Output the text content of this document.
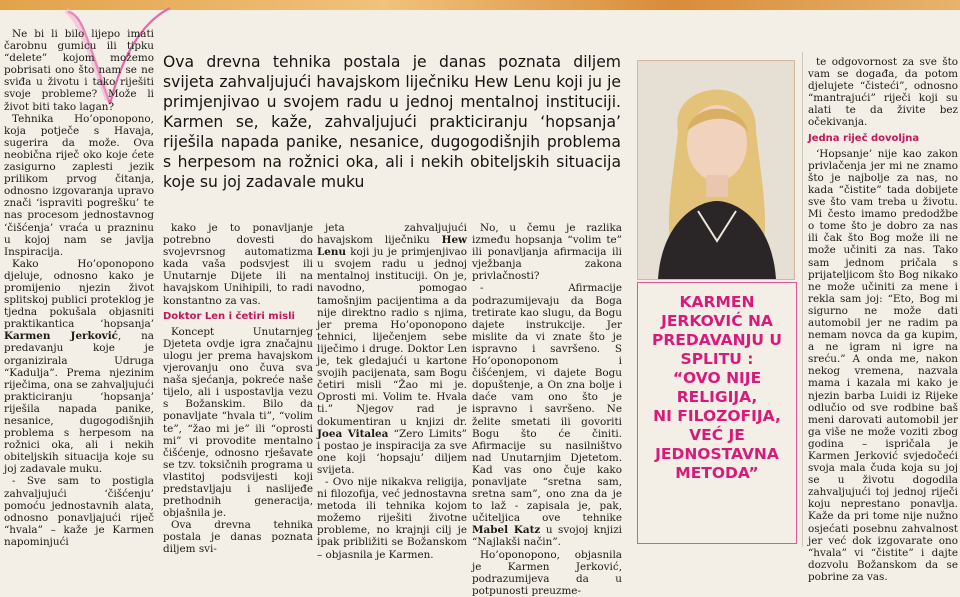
Ova drevna tehnika postala je danas poznata diljem svijeta zahvaljujući havajskom liječniku Hew Lenu koji ju je primjenjivao u svojem radu u jednoj mentalnoj instituciji. Karmen se, kaže, zahvaljujući prakticiranju ‘hopsanja’ riješila napada panike, nesanice, dugogodišnjih problema s herpesom na rožnici oka, ali i nekih obiteljskih situacija koje su joj zadavale muku

Ne bi li bilo lijepo imati čarobnu gumicu ili tipku “delete” kojom možemo pobrisati ono što nam se ne sviđa u životu i tako riješiti svoje probleme? Može li život biti tako lagan?

Tehnika Ho’oponopono, koja potječe s Havaja, sugerira da može. Ova neobična riječ oko koje ćete zasigurno zaplesti jezik prilikom prvog čitanja, odnosno izgovaranja upravo znači ‘ispraviti pogrešku’ te nas procesom jednostavnog ‘čišćenja’ vraća u prazninu u kojoj nam se javlja Inspiracija.

Kako Ho’oponopono djeluje, odnosno kako je promijenio njezin život splitskoj publici proteklog je tjedna pokušala objasniti praktikantica ‘hopsanja’ Karmen Jerković, na predavanju koje je organizirala Udruga “Kadulja”. Prema njezinim riječima, ona se zahvaljujući prakticiranju ‘hopsanja’ riješila napada panike, nesanice, dugogodišnjih problema s herpesom na rožnici oka, ali i nekih obiteljskih situacija koje su joj zadavale muku.

- Sve sam to postigla zahvaljujući ‘čišćenju’ pomoću jednostavnih alata, odnosno ponavljajući riječ “hvala” – kaže je Karmen napominjući

kako je to ponavljanje potrebno dovesti do svojevrsnog automatizma kada vaša podsvjest ili Unutarnje Dijete ili na havajskom Unihipili, to radi konstantno za vas.

Doktor Len i četiri misli

Koncept Unutarnjeg Djeteta ovdje igra značajnu ulogu jer prema havajskom vjerovanju ono čuva sva naša sjećanja, pokreće naše tijelo, ali i uspostavlja vezu s Božanskim. Bilo da ponavljate “hvala ti”, “volim te”, “žao mi je” ili “oprosti mi” vi provodite mentalno čišćenje, odnosno rješavate se tzv. toksičnih programa u vlastitoj podsvijesti koji predstavljaju i naslijeđe prethodnih generacija, objašnila je.

Ova drevna tehnika postala je danas poznata diljem svi-

jeta zahvaljujući havajskom liječniku Hew Lenu koji ju je primjenjivao u svojem radu u jednoj mentalnoj instituciji. On je, navodno, pomogao tamošnjim pacijentima a da nije direktno radio s njima, jer prema Ho’oponopono tehnici, liječenjem sebe liječimo i druge. Doktor Len je, tek gledajući u kartone svojih pacijenata, sam Bogu četiri misli “Žao mi je. Oprosti mi. Volim te. Hvala ti.” Njegov rad je dokumentiran u knjizi dr. Joea Vitalea “Zero Limits” i postao je inspiracija za sve one koji ‘hopsaju’ diljem svijeta.

- Ovo nije nikakva religija, ni filozofija, već jednostavna metoda ili tehnika kojom možemo riješiti životne probleme, no krajnji cilj je ipak približiti se Božanskom – objasnila je Karmen.

No, u čemu je razlika između hopsanja “volim te” ili ponavljanja afirmacija ili vježbanja zakona privlačnosti?

- Afirmacije podrazumijevaju da Boga tretirate kao slugu, da Bogu dajete instrukcije. Jer mislite da vi znate što je ispravno i savršeno. S Ho’oponoponom i čišćenjem, vi dajete Bogu dopuštenje, a On zna bolje i daće vam ono što je ispravno i savršeno. Ne želite smetati ili govoriti Bogu što će činiti. Afirmacije su nasilništvo nad Unutarnjim Djetetom. Kad vas ono čuje kako ponavljate “sretna sam, sretna sam”, ono zna da je to laž - zapisala je, pak, učiteljica ove tehnike Mabel Katz u svojoj knjizi “Najlakši način”.

Ho’oponopono, objasnila je Karmen Jerković, podrazumijeva da u potpunosti preuzme-

KARMEN
JERKOVIĆ NA
PREDAVANJU U
SPLITU :
“OVO NIJE
RELIGIJA,
NI FILOZOFIJA,
VEĆ JE
JEDNOSTAVNA
METODA”

te odgovornost za sve što vam se događa, da potom djelujete “čisteći”, odnosno “mantrajući” riječi koji su alati te da živite bez očekivanja.

Jedna riječ dovoljna

‘Hopsanje’ nije kao zakon privlačenja jer mi ne znamo što je najbolje za nas, no kada “čistite” tada dobijete sve što vam treba u životu. Mi često imamo predodžbe o tome što je dobro za nas ili čak što Bog može ili ne može učiniti za nas. Tako sam jednom pričala s prijateljicom što Bog nikako ne može učiniti za mene i rekla sam joj: “Eto, Bog mi sigurno ne može dati automobil jer ne radim pa nemam novca da ga kupim, a ne igram ni igre na sreću.” A onda me, nakon nekog vremena, nazvala mama i kazala mi kako je njezin barba Luidi iz Rijeke odlučio od sve rodbine baš meni darovati automobil jer ga više ne može voziti zbog godina – ispričala je Karmen Jerković svjedočeći svoja mala čuda koja su joj se u životu dogodila zahvaljujući toj jednoj riječi koju neprestano ponavlja. Kaže da pri tome nije nužno osjećati posebnu zahvalnost jer već dok izgovarate ono “hvala” vi “čistite” i dajte dozvolu Božanskom da se pobrine za vas.
